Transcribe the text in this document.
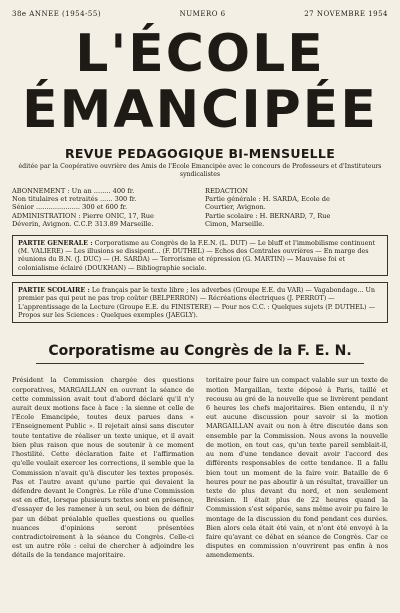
38e ANNEE (1954-55)	NUMERO 6	27 NOVEMBRE 1954
L'ÉCOLE
ÉMANCIPÉE
REVUE PEDAGOGIQUE BI-MENSUELLE
éditée par la Coopérative ouvrière des Amis de l'Ecole Emancipée avec le concours de Professeurs et d'Instituteurs syndicalistes
ABONNEMENT : Un an ........ 400 fr.
Non titulaires et retraités ...... 300 fr.
Sénior ..................... 300 et 600 fr.
ADMINISTRATION : Pierre ONIC, 17, Rue
Déverin, Avignon. C.C.P. 313.89 Marseille.
REDACTION
Partie générale : H. SARDA, Ecole de
Courtier, Avignon.
Partie scolaire : H. BERNARD, 7, Rue
Cimon, Marseille.
PARTIE GENERALE : Corporatisme au Congrès de la F.E.N. (L. DUT) — Le bluff et l'immobilisme continuent (M. VALIERE) — Les illusions se dissipent... (F. DUTHEL) — Echos des Centrales ouvrières — En marge des réunions du B.N. (J. DUC) — (H. SARDA) — Terrorisme et répression (G. MARTIN) — Mauvaise foi et colonialisme éclairé (DOUKHAN) — Bibliographie sociale.
PARTIE SCOLAIRE : Le français par le texte libre ; les adverbes (Groupe E.E. du VAR) — Vagabondage... Un premier pas qui peut ne pas trop coûter (BELPERRON) — Récréations électriques (J. PERROT) — L'apprentissage de la Lecture (Groupe E.E. du FINISTERE) — Pour nos C.C. : Quelques sujets (P. DUTHEL) — Propos sur les Sciences : Quelques exemples (JAEGLY).
Corporatisme au Congrès de la F. E. N.

Président la Commission chargée des questions corporatives, MARGAILLAN en ouvrant la séance de cette commission avait tout d'abord déclaré qu'il n'y aurait deux motions face à face : la sienne et celle de l'Ecole Emancipée, toutes deux parues dans « l'Enseignement Public ». Il rejetait ainsi sans discuter toute tentative de réaliser un texte unique, et il avait bien plus raison que nous de soutenir à ce moment l'hostilité. Cette déclaration faite et l'affirmation qu'elle voulait exercer les corrections, il semble que la Commission n'avait qu'à discuter les textes proposés. Pas et l'autre avant qu'une partie qui devaient la défendre devant le Congrès. Le rôle d'une Commission est en effet, lorsque plusieurs textes sont en présence, d'essayer de les ramener à un seul, ou bien de définir par un débat préalable quelles questions ou quelles nuances d'opinions seront présentées contradictoirement à la séance du Congrès. Celle-ci est un autre rôle : celui de chercher à adjoindre les détails de la tendance majoritaire.

toritaire pour faire un compact valable sur un texte de motion Margaillan, texte déposé à Paris, taillé et recousu au gré de la nouvelle que se livrèrent pendant 6 heures les chefs majoritaires. Bien entendu, il n'y eut aucune discussion pour savoir si la motion MARGAILLAN avait ou non à être discutée dans son ensemble par la Commission. Nous avons la nouvelle de motion, en tout cas, qu'un texte pareil semblait-il, au nom d'une tendance devait avoir l'accord des différents responsables de cette tendance. Il a fallu bien tout un moment de la faire voir. Bataille de 6 heures pour ne pas aboutir à un résultat, travailler un texte de plus devant du nord, et non seulement Bréssien. Il était plus de 22 heures quand la Commission s'est séparée, sans même avoir pu faire le montage de la discussion du fond pendant ces durées. Bien alors cela était été vain, et n'ont été envoyé à la faire qu'avant ce débat en séance de Congrès. Car ce disputes en commission n'ouvrirent pas enfin à nos amendements.
